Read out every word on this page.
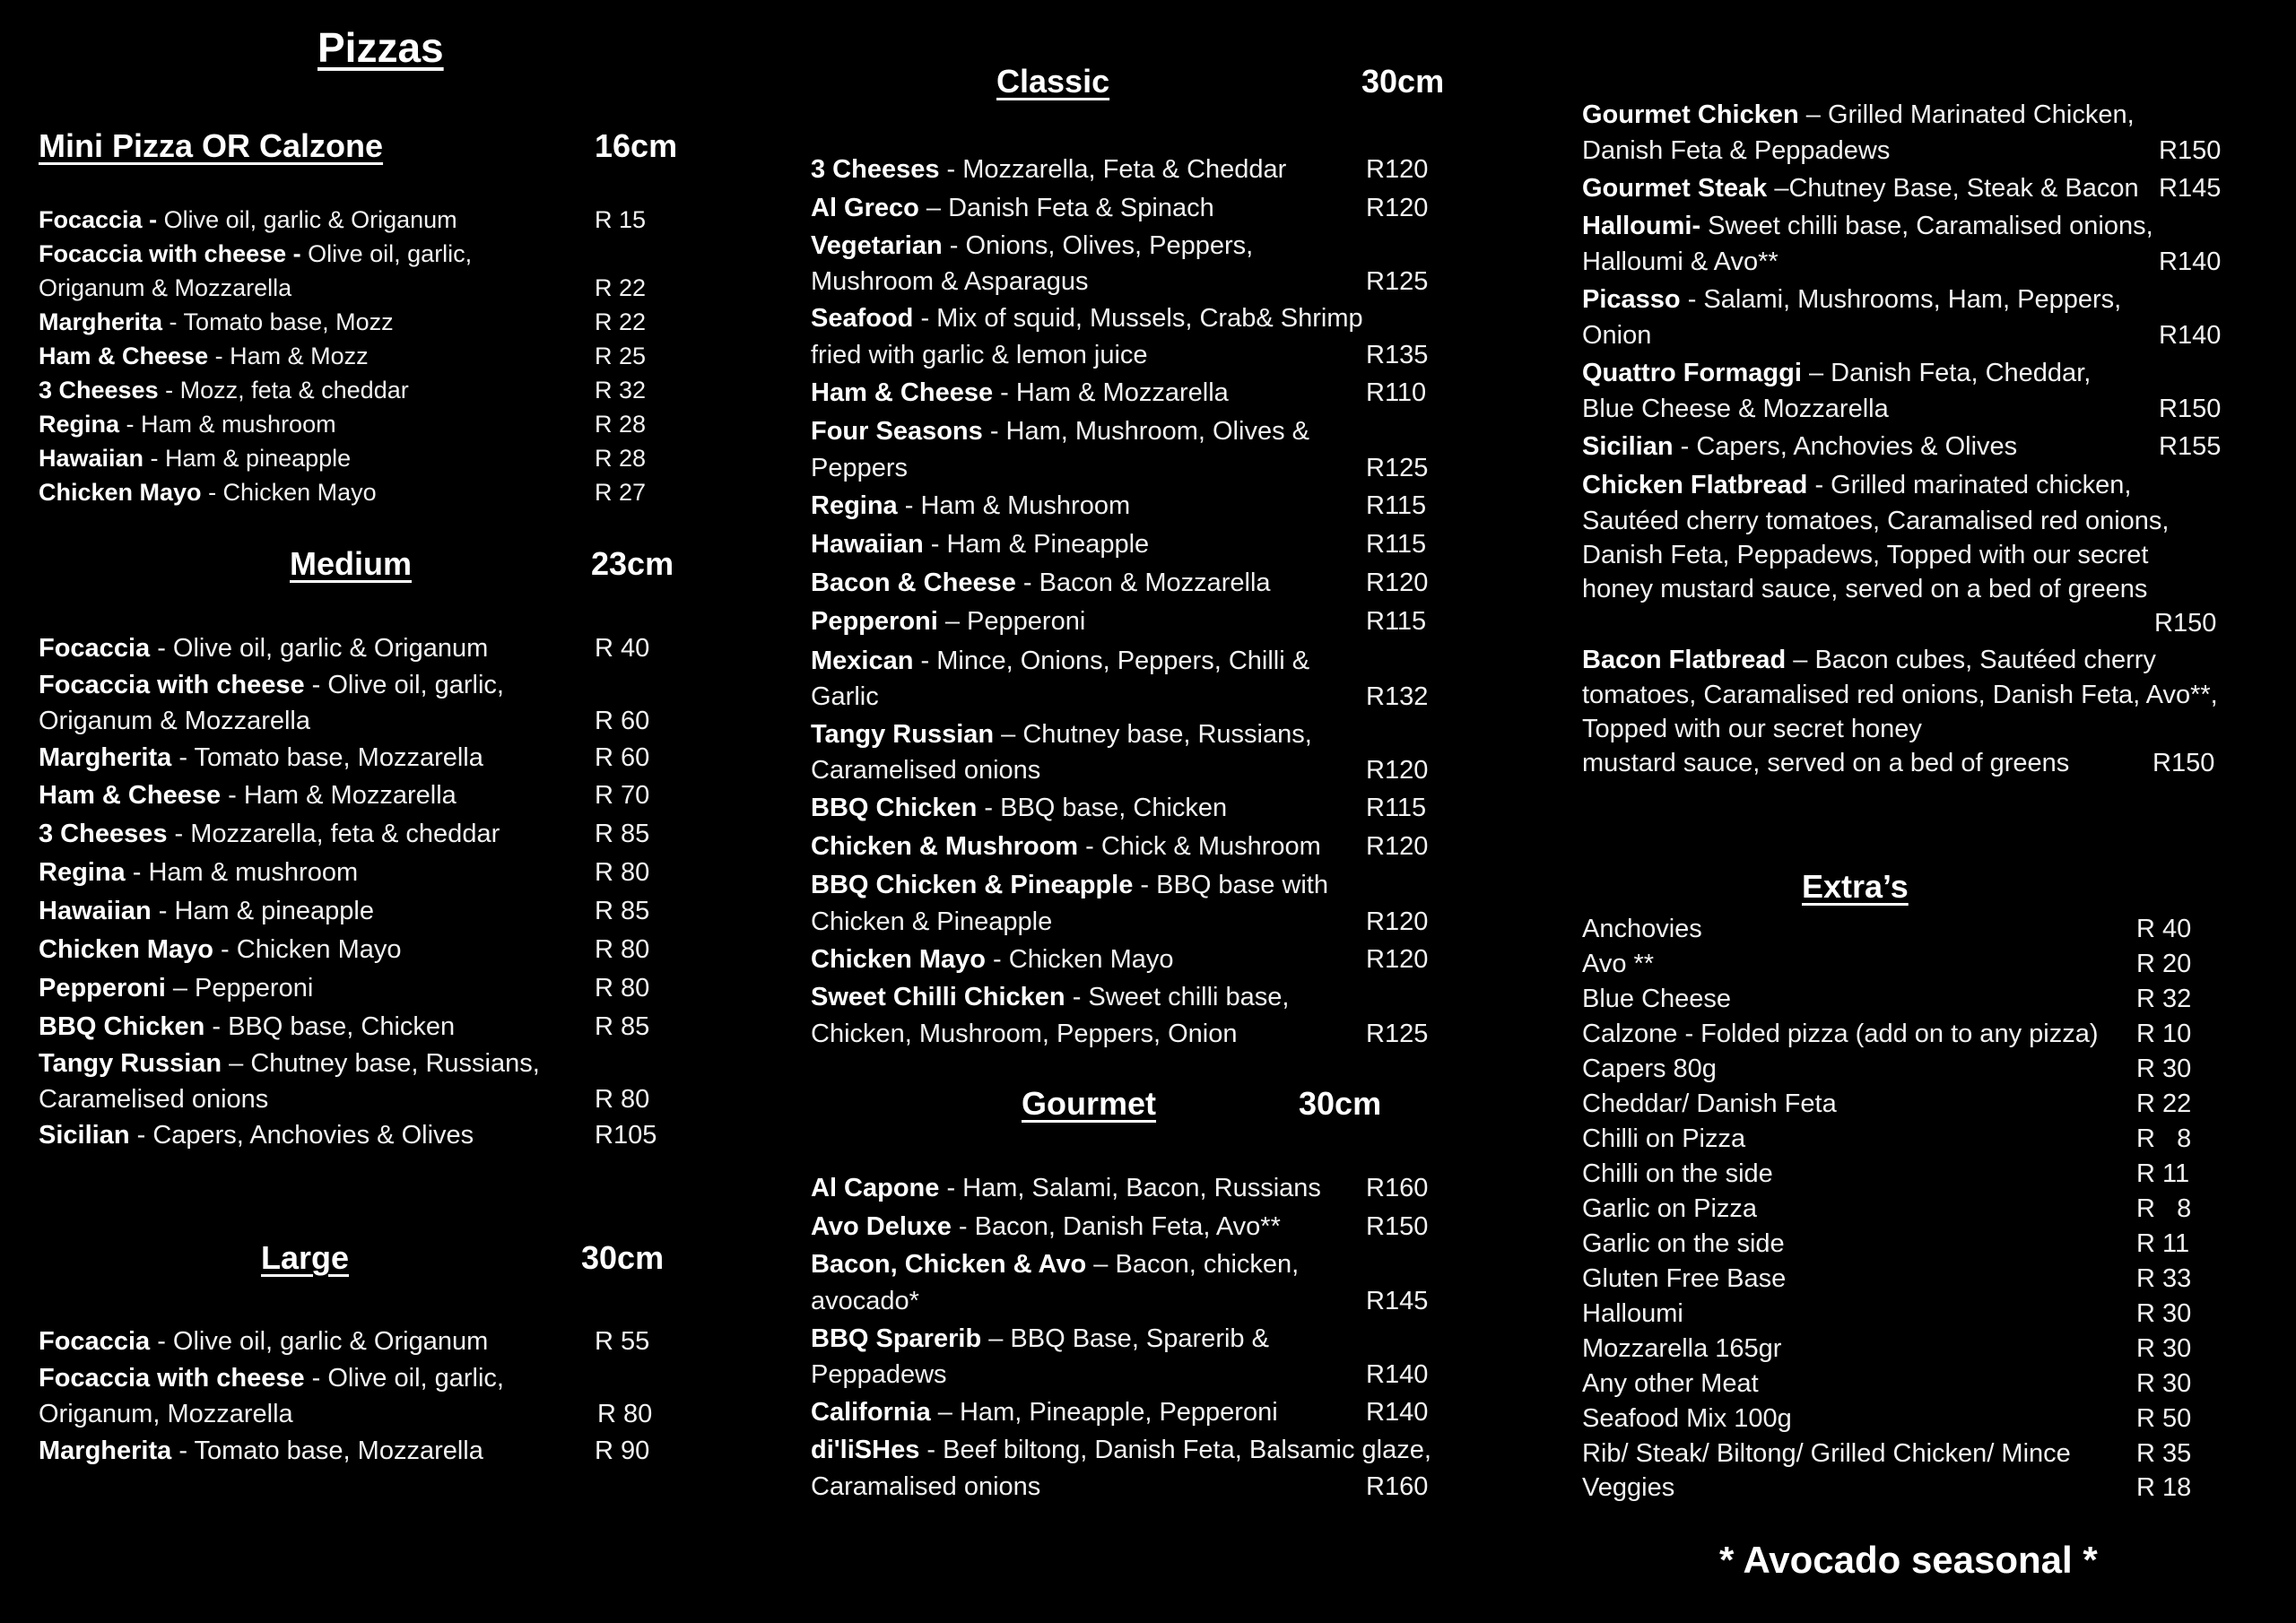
Pizzas
Mini Pizza OR Calzone	16cm
Focaccia - Olive oil, garlic & Origanum	R 15
Focaccia with cheese - Olive oil, garlic,
Origanum & Mozzarella	R 22
Margherita - Tomato base, Mozz	R 22
Ham & Cheese - Ham & Mozz	R 25
3 Cheeses - Mozz, feta & cheddar	R 32
Regina - Ham & mushroom	R 28
Hawaiian - Ham & pineapple	R 28
Chicken Mayo - Chicken Mayo	R 27
Medium	23cm
Focaccia - Olive oil, garlic & Origanum	R 40
Focaccia with cheese - Olive oil, garlic,
Origanum & Mozzarella	R 60
Margherita - Tomato base, Mozzarella	R 60
Ham & Cheese - Ham & Mozzarella	R 70
3 Cheeses - Mozzarella, feta & cheddar	R 85
Regina - Ham & mushroom	R 80
Hawaiian - Ham & pineapple	R 85
Chicken Mayo - Chicken Mayo	R 80
Pepperoni – Pepperoni	R 80
BBQ Chicken - BBQ base, Chicken	R 85
Tangy Russian – Chutney base, Russians,
Caramelised onions	R 80
Sicilian - Capers, Anchovies & Olives	R105
Large	30cm
Focaccia - Olive oil, garlic & Origanum	R 55
Focaccia with cheese - Olive oil, garlic,
Origanum, Mozzarella	R 80
Margherita - Tomato base, Mozzarella	R 90
Classic	30cm
3 Cheeses - Mozzarella, Feta & Cheddar	R120
Al Greco – Danish Feta & Spinach	R120
Vegetarian - Onions, Olives, Peppers,
Mushroom & Asparagus	R125
Seafood - Mix of squid, Mussels, Crab& Shrimp
fried with garlic & lemon juice	R135
Ham & Cheese - Ham & Mozzarella	R110
Four Seasons - Ham, Mushroom, Olives &
Peppers	R125
Regina - Ham & Mushroom	R115
Hawaiian - Ham & Pineapple	R115
Bacon & Cheese - Bacon & Mozzarella	R120
Pepperoni – Pepperoni	R115
Mexican - Mince, Onions, Peppers, Chilli &
Garlic	R132
Tangy Russian – Chutney base, Russians,
Caramelised onions	R120
BBQ Chicken - BBQ base, Chicken	R115
Chicken & Mushroom - Chick & Mushroom R120
BBQ Chicken & Pineapple - BBQ base with
Chicken & Pineapple	R120
Chicken Mayo - Chicken Mayo	R120
Sweet Chilli Chicken - Sweet chilli base,
Chicken, Mushroom, Peppers, Onion	R125
Gourmet	30cm
Al Capone - Ham, Salami, Bacon, Russians R160
Avo Deluxe - Bacon, Danish Feta, Avo**	R150
Bacon, Chicken & Avo – Bacon, chicken,
avocado*	R145
BBQ Sparerib – BBQ Base, Sparerib &
Peppadews	R140
California – Ham, Pineapple, Pepperoni	R140
di'liSHes - Beef biltong, Danish Feta, Balsamic glaze,
Caramalised onions	R160
Gourmet Chicken – Grilled Marinated Chicken,
Danish Feta & Peppadews	R150
Gourmet Steak –Chutney Base, Steak & Bacon R145
Halloumi- Sweet chilli base, Caramalised onions,
Halloumi & Avo**	R140
Picasso - Salami, Mushrooms, Ham, Peppers,
Onion	R140
Quattro Formaggi – Danish Feta, Cheddar,
Blue Cheese & Mozzarella	R150
Sicilian - Capers, Anchovies & Olives	R155
Chicken Flatbread - Grilled marinated chicken,
Sautéed cherry tomatoes, Caramalised red onions,
Danish Feta, Peppadews, Topped with our secret
honey mustard sauce, served on a bed of greens
R150
Bacon Flatbread – Bacon cubes, Sautéed cherry
tomatoes, Caramalised red onions, Danish Feta, Avo**,
Topped with our secret honey
mustard sauce, served on a bed of greens	R150
Extra’s
Anchovies	R 40
Avo **	R 20
Blue Cheese	R 32
Calzone - Folded pizza (add on to any pizza) R 10
Capers 80g	R 30
Cheddar/ Danish Feta	R 22
Chilli on Pizza	R   8
Chilli on the side	R 11
Garlic on Pizza	R   8
Garlic on the side	R 11
Gluten Free Base	R 33
Halloumi	R 30
Mozzarella 165gr	R 30
Any other Meat	R 30
Seafood Mix 100g	R 50
Rib/ Steak/ Biltong/ Grilled Chicken/ Mince	R 35
Veggies	R 18
* Avocado seasonal *
